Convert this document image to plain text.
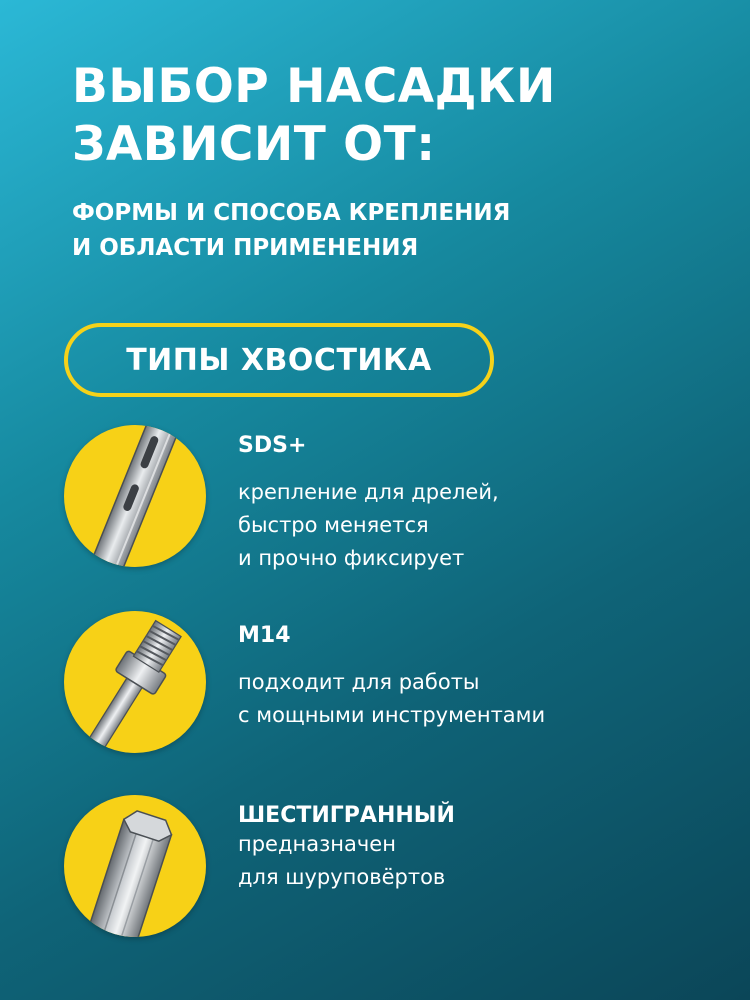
ВЫБОР НАСАДКИ
ЗАВИСИТ ОТ:
ФОРМЫ И СПОСОБА КРЕПЛЕНИЯ
И ОБЛАСТИ ПРИМЕНЕНИЯ
ТИПЫ ХВОСТИКА

SDS+

крепление для дрелей,
быстро меняется
и прочно фиксирует

M14

подходит для работы
с мощными инструментами

ШЕСТИГРАННЫЙ

предназначен
для шуруповёртов
